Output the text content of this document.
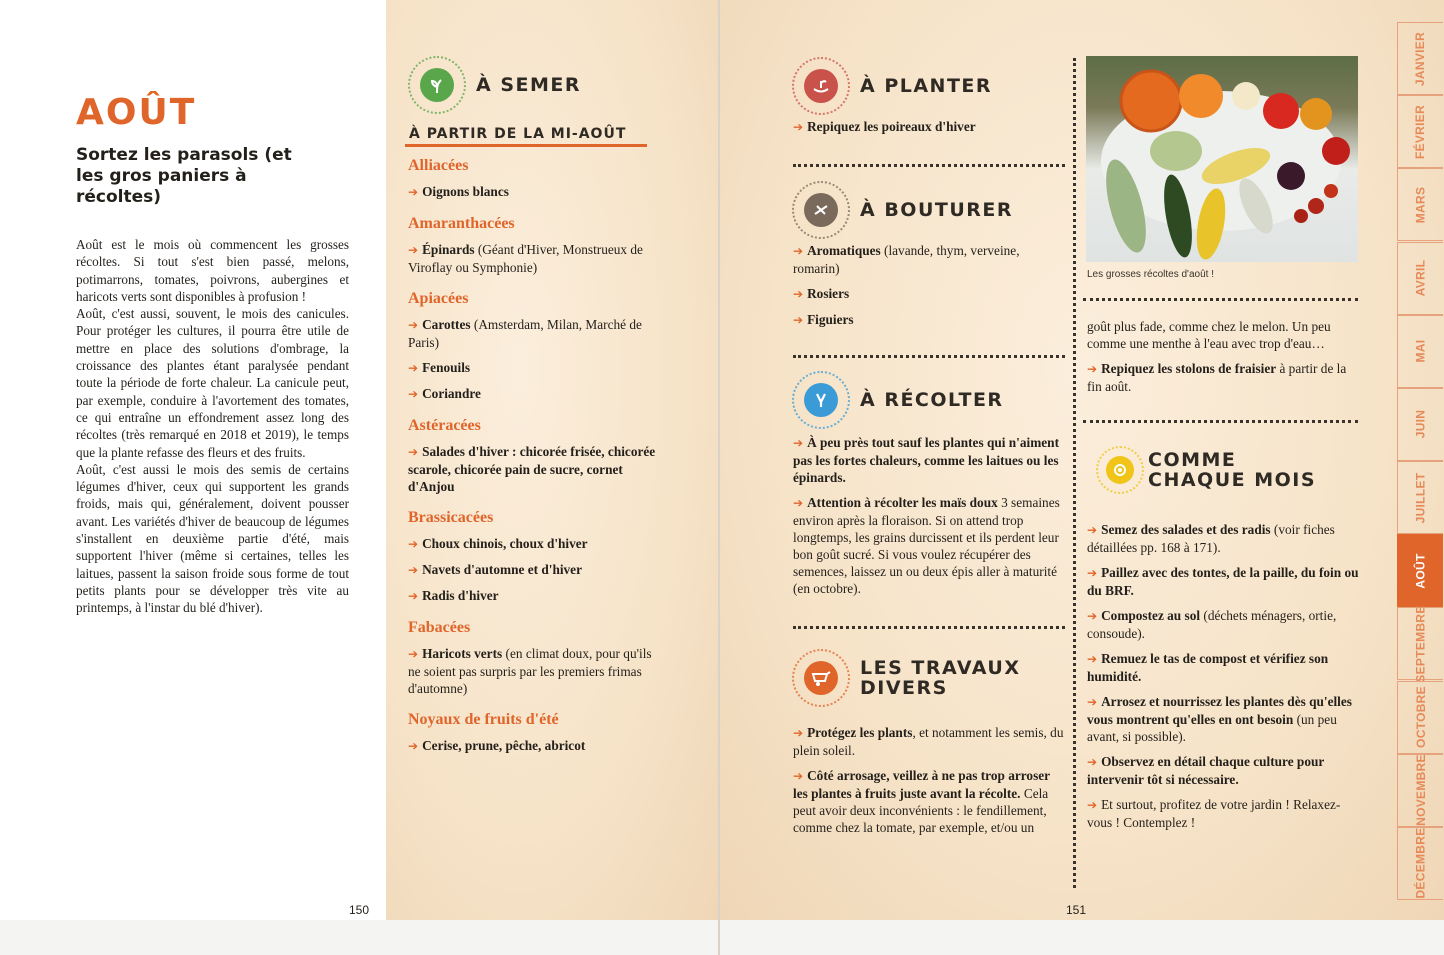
AOÛT
Sortez les parasols (et les gros paniers à récoltes)

Août est le mois où commencent les grosses récoltes. Si tout s'est bien passé, melons, potimarrons, tomates, poivrons, aubergines et haricots verts sont disponibles à profusion !

Août, c'est aussi, souvent, le mois des canicules. Pour protéger les cultures, il pourra être utile de mettre en place des solutions d'ombrage, la croissance des plantes étant paralysée pendant toute la période de forte chaleur. La canicule peut, par exemple, conduire à l'avortement des tomates, ce qui entraîne un effondrement assez long des récoltes (très remarqué en 2018 et 2019), le temps que la plante refasse des fleurs et des fruits.

Août, c'est aussi le mois des semis de certains légumes d'hiver, ceux qui supportent les grands froids, mais qui, généralement, doivent pousser avant. Les variétés d'hiver de beaucoup de légumes s'installent en deuxième partie d'été, mais supportent l'hiver (même si certaines, telles les laitues, passent la saison froide sous forme de tout petits plants pour se développer très vite au printemps, à l'instar du blé d'hiver).

150
À SEMER
À PARTIR DE LA MI-AOÛT
Alliacées
➔ Oignons blancs
Amaranthacées
➔ Épinards (Géant d'Hiver, Monstrueux de Viroflay ou Symphonie)
Apiacées
➔ Carottes (Amsterdam, Milan, Marché de Paris)
➔ Fenouils
➔ Coriandre
Astéracées
➔ Salades d'hiver : chicorée frisée, chicorée scarole, chicorée pain de sucre, cornet d'Anjou
Brassicacées
➔ Choux chinois, choux d'hiver
➔ Navets d'automne et d'hiver
➔ Radis d'hiver
Fabacées
➔ Haricots verts (en climat doux, pour qu'ils ne soient pas surpris par les premiers frimas d'automne)
Noyaux de fruits d'été
➔ Cerise, prune, pêche, abricot
À PLANTER
➔ Repiquez les poireaux d'hiver
À BOUTURER
➔ Aromatiques (lavande, thym, verveine, romarin)
➔ Rosiers
➔ Figuiers
À RÉCOLTER
➔ À peu près tout sauf les plantes qui n'aiment pas les fortes chaleurs, comme les laitues ou les épinards.
➔ Attention à récolter les maïs doux 3 semaines environ après la floraison. Si on attend trop longtemps, les grains durcissent et ils perdent leur bon goût sucré. Si vous voulez récupérer des semences, laissez un ou deux épis aller à maturité (en octobre).
LES TRAVAUX
DIVERS
➔ Protégez les plants, et notamment les semis, du plein soleil.
➔ Côté arrosage, veillez à ne pas trop arroser les plantes à fruits juste avant la récolte. Cela peut avoir deux inconvénients : le fendillement, comme chez la tomate, par exemple, et/ou un
151
Les grosses récoltes d'août !
goût plus fade, comme chez le melon. Un peu comme une menthe à l'eau avec trop d'eau…
➔ Repiquez les stolons de fraisier à partir de la fin août.
COMME
CHAQUE MOIS
➔ Semez des salades et des radis (voir fiches détaillées pp. 168 à 171).
➔ Paillez avec des tontes, de la paille, du foin ou du BRF.
➔ Compostez au sol (déchets ménagers, ortie, consoude).
➔ Remuez le tas de compost et vérifiez son humidité.
➔ Arrosez et nourrissez les plantes dès qu'elles vous montrent qu'elles en ont besoin (un peu avant, si possible).
➔ Observez en détail chaque culture pour intervenir tôt si nécessaire.
➔ Et surtout, profitez de votre jardin ! Relaxez-vous ! Contemplez !
JANVIER
FÉVRIER
MARS
AVRIL
MAI
JUIN
JUILLET
AOÛT
SEPTEMBRE
OCTOBRE
NOVEMBRE
DÉCEMBRE
